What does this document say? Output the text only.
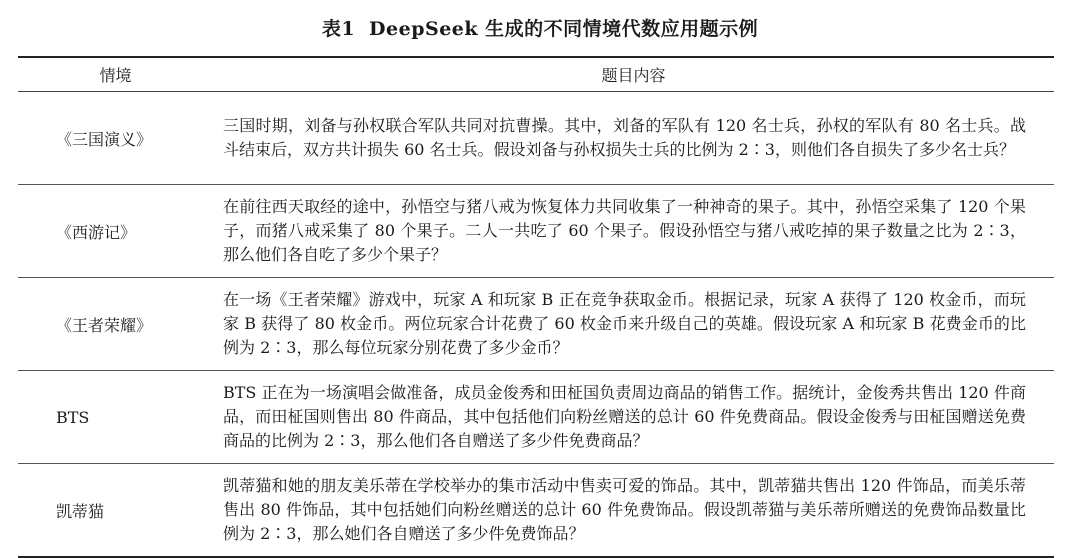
表1 DeepSeek 生成的不同情境代数应用题示例
情境	题目内容
《三国演义》	三国时期，刘备与孙权联合军队共同对抗曹操。其中，刘备的军队有 120 名士兵，孙权的军队有 80 名士兵。战斗结束后，双方共计损失 60 名士兵。假设刘备与孙权损失士兵的比例为 2∶3，则他们各自损失了多少名士兵？
《西游记》	在前往西天取经的途中，孙悟空与猪八戒为恢复体力共同收集了一种神奇的果子。其中，孙悟空采集了 120 个果子，而猪八戒采集了 80 个果子。二人一共吃了 60 个果子。假设孙悟空与猪八戒吃掉的果子数量之比为 2∶3，那么他们各自吃了多少个果子？
《王者荣耀》	在一场《王者荣耀》游戏中，玩家 A 和玩家 B 正在竞争获取金币。根据记录，玩家 A 获得了 120 枚金币，而玩家 B 获得了 80 枚金币。两位玩家合计花费了 60 枚金币来升级自己的英雄。假设玩家 A 和玩家 B 花费金币的比例为 2∶3，那么每位玩家分别花费了多少金币？
BTS	BTS 正在为一场演唱会做准备，成员金俊秀和田柾国负责周边商品的销售工作。据统计，金俊秀共售出 120 件商品，而田柾国则售出 80 件商品，其中包括他们向粉丝赠送的总计 60 件免费商品。假设金俊秀与田柾国赠送免费商品的比例为 2∶3，那么他们各自赠送了多少件免费商品？
凯蒂猫	凯蒂猫和她的朋友美乐蒂在学校举办的集市活动中售卖可爱的饰品。其中，凯蒂猫共售出 120 件饰品，而美乐蒂售出 80 件饰品，其中包括她们向粉丝赠送的总计 60 件免费饰品。假设凯蒂猫与美乐蒂所赠送的免费饰品数量比例为 2∶3，那么她们各自赠送了多少件免费饰品？
